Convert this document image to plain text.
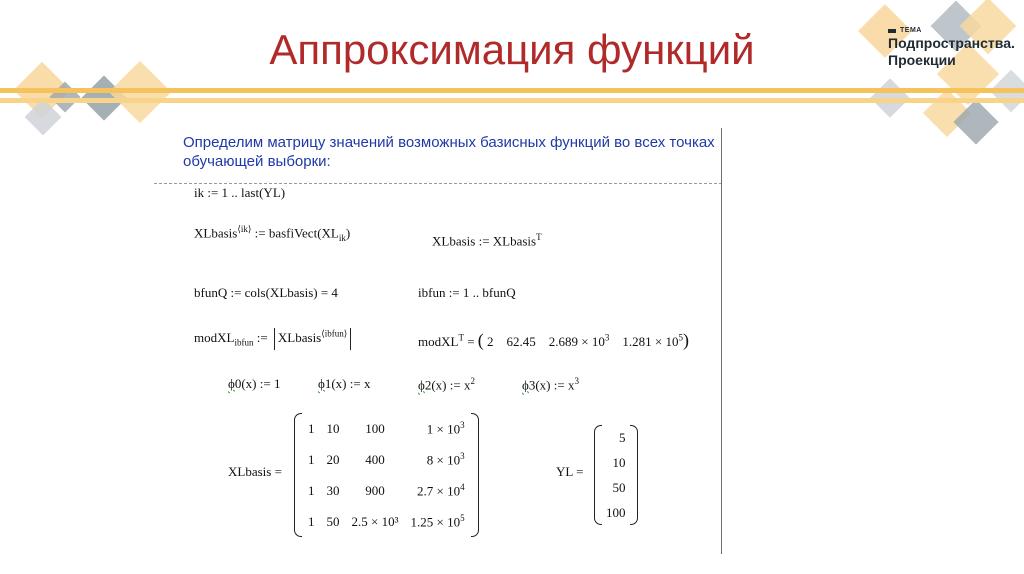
Аппроксимация функций	ТЕМА
Подпространства.
Проекции
Определим матрицу значений возможных базисных функций во всех точках обучающей выборки:
ik := 1 .. last(YL)
XLbasis$^{⟨ik⟩}$ := $basfiVect(XL_{ik})$
XLbasis := XLbasis$^T$
bfunQ := cols(XLbasis) = 4	ibfun := 1 .. bfunQ
modXL$_{ibfun}$ := XLbasis$^{⟨ibfun⟩}$
modXL$^T$ = ( 2 62.45 $2.689 \times 10^3$ $1.281 \times 10^5$)
ϕ0(x) := 1	ϕ1(x) := x	ϕ2(x) := $x^2$	ϕ3(x) := $x^3$
XLbasis =
1	10	100	$1 \times 10^3$
1	20	400	$8 \times 10^3$
1	30	900	$2.7 \times 10^4$
1	50	2.5 × 10³	$1.25 \times 10^5$
YL =
5
10
50
100
